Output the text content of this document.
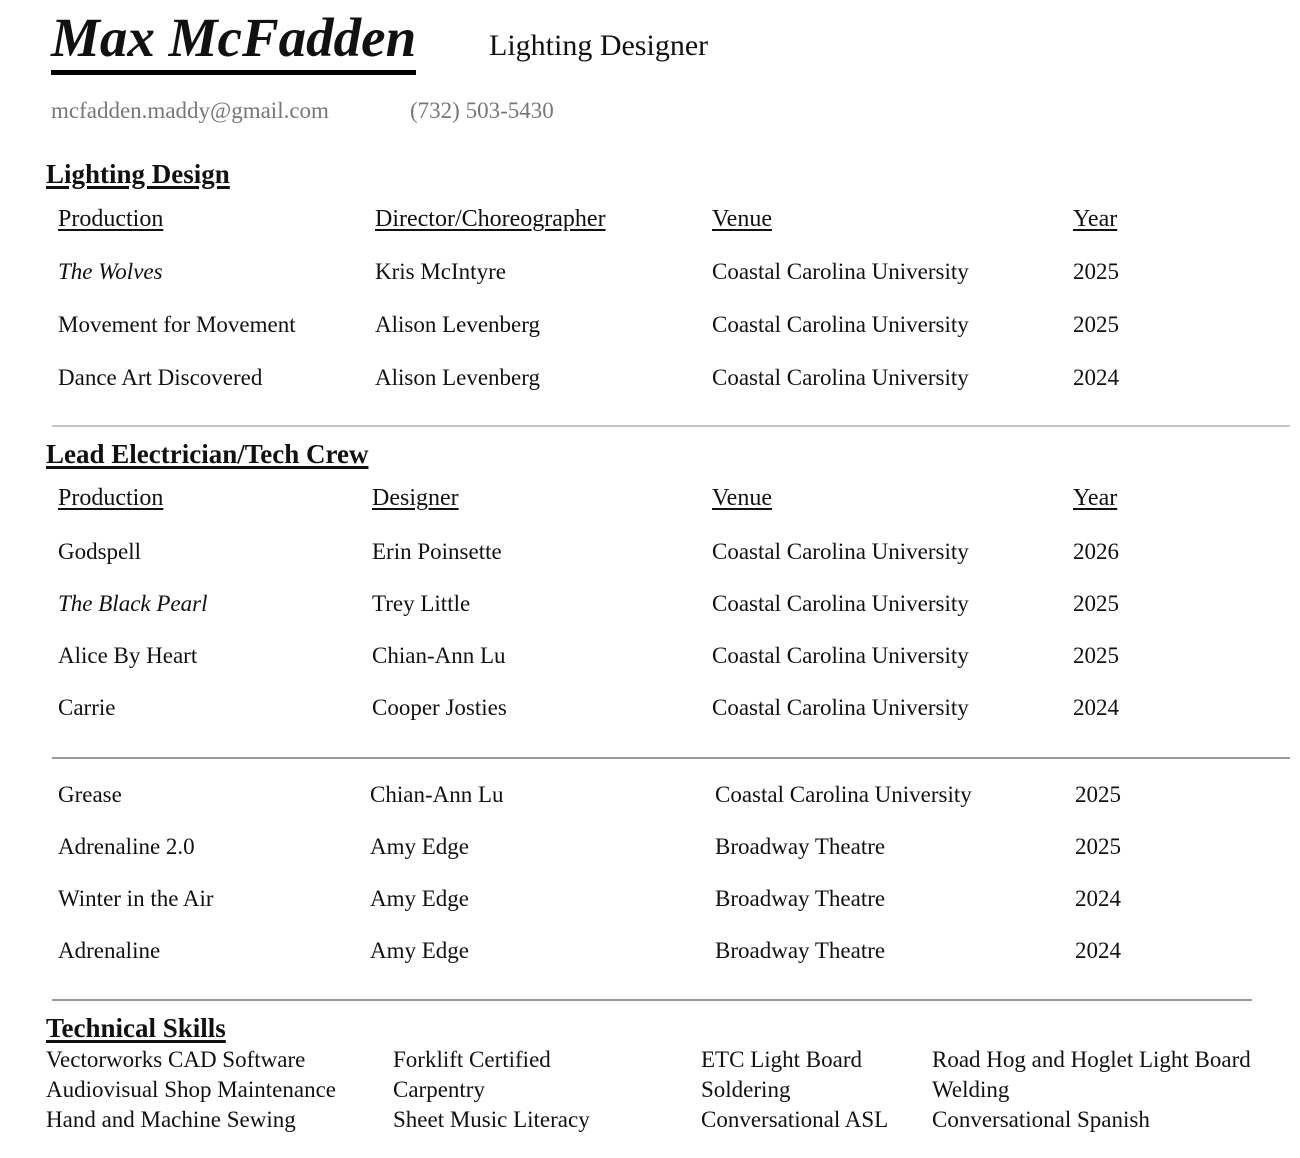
Max McFadden Lighting Designer
mcfadden.maddy@gmail.com	(732) 503-5430
Lighting Design
Production	Director/Choreographer	Venue	Year
The Wolves	Kris McIntyre	Coastal Carolina University	2025
Movement for Movement	Alison Levenberg	Coastal Carolina University	2025
Dance Art Discovered	Alison Levenberg	Coastal Carolina University	2024
Lead Electrician/Tech Crew
Production	Designer	Venue	Year
Godspell	Erin Poinsette	Coastal Carolina University	2026
The Black Pearl	Trey Little	Coastal Carolina University	2025
Alice By Heart	Chian-Ann Lu	Coastal Carolina University	2025
Carrie	Cooper Josties	Coastal Carolina University	2024
Grease	Chian-Ann Lu	Coastal Carolina University	2025
Adrenaline 2.0	Amy Edge	Broadway Theatre	2025
Winter in the Air	Amy Edge	Broadway Theatre	2024
Adrenaline	Amy Edge	Broadway Theatre	2024
Technical Skills
Vectorworks CAD Software
Audiovisual Shop Maintenance
Hand and Machine Sewing
Forklift Certified
Carpentry
Sheet Music Literacy
ETC Light Board
Soldering
Conversational ASL
Road Hog and Hoglet Light Board
Welding
Conversational Spanish
